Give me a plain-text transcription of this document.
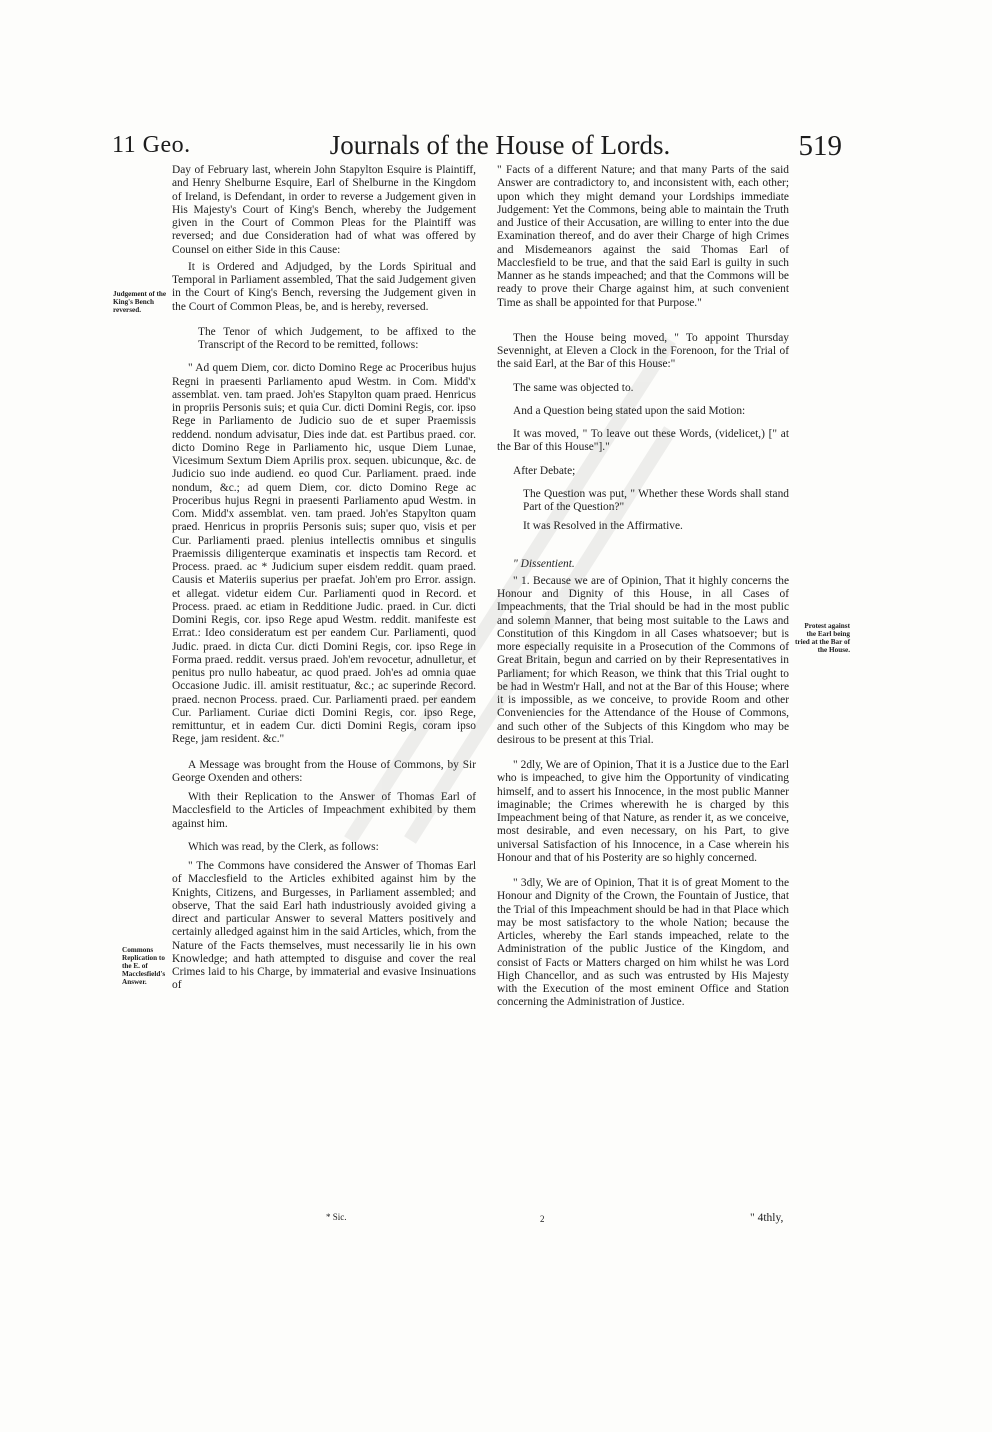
11 Geo.	Journals of the House of Lords.	519
Judgement of the King's Bench reversed.
Commons Replication to the E. of Macclesfield's Answer.
Protest against the Earl being tried at the Bar of the House.

Day of February last, wherein John Stapylton Esquire is Plaintiff, and Henry Shelburne Esquire, Earl of Shelburne in the Kingdom of Ireland, is Defendant, in order to reverse a Judgement given in His Majesty's Court of King's Bench, whereby the Judgement given in the Court of Common Pleas for the Plaintiff was reversed; and due Consideration had of what was offered by Counsel on either Side in this Cause:

It is Ordered and Adjudged, by the Lords Spiritual and Temporal in Parliament assembled, That the said Judgement given in the Court of King's Bench, reversing the Judgement given in the Court of Common Pleas, be, and is hereby, reversed.

The Tenor of which Judgement, to be affixed to the Transcript of the Record to be remitted, follows:

" Ad quem Diem, cor. dicto Domino Rege ac Proceribus hujus Regni in praesenti Parliamento apud Westm. in Com. Midd'x assemblat. ven. tam praed. Joh'es Stapylton quam praed. Henricus in propriis Personis suis; et quia Cur. dicti Domini Regis, cor. ipso Rege in Parliamento de Judicio suo de et super Praemissis reddend. nondum advisatur, Dies inde dat. est Partibus praed. cor. dicto Domino Rege in Parliamento hic, usque Diem Lunae, Vicesimum Sextum Diem Aprilis prox. sequen. ubicunque, &c. de Judicio suo inde audiend. eo quod Cur. Parliament. praed. inde nondum, &c.; ad quem Diem, cor. dicto Domino Rege ac Proceribus hujus Regni in praesenti Parliamento apud Westm. in Com. Midd'x assemblat. ven. tam praed. Joh'es Stapylton quam praed. Henricus in propriis Personis suis; super quo, visis et per Cur. Parliamenti praed. plenius intellectis omnibus et singulis Praemissis diligenterque examinatis et inspectis tam Record. et Process. praed. ac * Judicium super eisdem reddit. quam praed. Causis et Materiis superius per praefat. Joh'em pro Error. assign. et allegat. videtur eidem Cur. Parliamenti quod in Record. et Process. praed. ac etiam in Redditione Judic. praed. in Cur. dicti Domini Regis, cor. ipso Rege apud Westm. reddit. manifeste est Errat.: Ideo consideratum est per eandem Cur. Parliamenti, quod Judic. praed. in dicta Cur. dicti Domini Regis, cor. ipso Rege in Forma praed. reddit. versus praed. Joh'em revocetur, adnulletur, et penitus pro nullo habeatur, ac quod praed. Joh'es ad omnia quae Occasione Judic. ill. amisit restituatur, &c.; ac superinde Record. praed. necnon Process. praed. Cur. Parliamenti praed. per eandem Cur. Parliament. Curiae dicti Domini Regis, cor. ipso Rege, remittuntur, et in eadem Cur. dicti Domini Regis, coram ipso Rege, jam resident. &c."

A Message was brought from the House of Commons, by Sir George Oxenden and others:

With their Replication to the Answer of Thomas Earl of Macclesfield to the Articles of Impeachment exhibited by them against him.

Which was read, by the Clerk, as follows:

" The Commons have considered the Answer of Thomas Earl of Macclesfield to the Articles exhibited against him by the Knights, Citizens, and Burgesses, in Parliament assembled; and observe, That the said Earl hath industriously avoided giving a direct and particular Answer to several Matters positively and certainly alledged against him in the said Articles, which, from the Nature of the Facts themselves, must necessarily lie in his own Knowledge; and hath attempted to disguise and cover the real Crimes laid to his Charge, by immaterial and evasive Insinuations of

" Facts of a different Nature; and that many Parts of the said Answer are contradictory to, and inconsistent with, each other; upon which they might demand your Lordships immediate Judgement: Yet the Commons, being able to maintain the Truth and Justice of their Accusation, are willing to enter into the due Examination thereof, and do aver their Charge of high Crimes and Misdemeanors against the said Thomas Earl of Macclesfield to be true, and that the said Earl is guilty in such Manner as he stands impeached; and that the Commons will be ready to prove their Charge against him, at such convenient Time as shall be appointed for that Purpose."

Then the House being moved, " To appoint Thursday Sevennight, at Eleven a Clock in the Forenoon, for the Trial of the said Earl, at the Bar of this House:"

The same was objected to.

And a Question being stated upon the said Motion:

It was moved, " To leave out these Words, (videlicet,) [" at the Bar of this House"]."

After Debate;

The Question was put, " Whether these Words shall stand Part of the Question?"

It was Resolved in the Affirmative.

" Dissentient.

" 1. Because we are of Opinion, That it highly concerns the Honour and Dignity of this House, in all Cases of Impeachments, that the Trial should be had in the most public and solemn Manner, that being most suitable to the Laws and Constitution of this Kingdom in all Cases whatsoever; but is more especially requisite in a Prosecution of the Commons of Great Britain, begun and carried on by their Representatives in Parliament; for which Reason, we think that this Trial ought to be had in Westm'r Hall, and not at the Bar of this House; where it is impossible, as we conceive, to provide Room and other Conveniencies for the Attendance of the House of Commons, and such other of the Subjects of this Kingdom who may be desirous to be present at this Trial.

" 2dly, We are of Opinion, That it is a Justice due to the Earl who is impeached, to give him the Opportunity of vindicating himself, and to assert his Innocence, in the most public Manner imaginable; the Crimes wherewith he is charged by this Impeachment being of that Nature, as render it, as we conceive, most desirable, and even necessary, on his Part, to give universal Satisfaction of his Innocence, in a Case wherein his Honour and that of his Posterity are so highly concerned.

" 3dly, We are of Opinion, That it is of great Moment to the Honour and Dignity of the Crown, the Fountain of Justice, that the Trial of this Impeachment should be had in that Place which may be most satisfactory to the whole Nation; because the Articles, whereby the Earl stands impeached, relate to the Administration of the public Justice of the Kingdom, and consist of Facts or Matters charged on him whilst he was Lord High Chancellor, and as such was entrusted by His Majesty with the Execution of the most eminent Office and Station concerning the Administration of Justice.

* Sic.	2	" 4thly,
